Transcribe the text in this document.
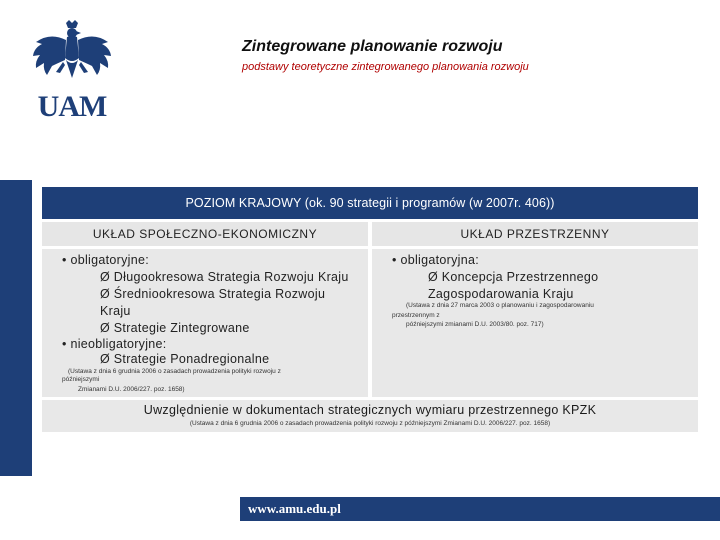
UAM
Zintegrowane planowanie rozwoju
podstawy teoretyczne zintegrowanego planowania rozwoju
POZIOM KRAJOWY (ok. 90 strategii i programów (w 2007r. 406))
UKŁAD SPOŁECZNO-EKONOMICZNY	UKŁAD PRZESTRZENNY
• obligatoryjne:
Ø Długookresowa Strategia Rozwoju Kraju
Ø Średniookresowa Strategia Rozwoju
Kraju
Ø Strategie Zintegrowane
• nieobligatoryjne:
Ø Strategie Ponadregionalne
(Ustawa z dnia 6 grudnia 2006 o zasadach prowadzenia polityki rozwoju z
późniejszymi
Zmianami D.U. 2006/227. poz. 1658)
• obligatoryjna:
Ø Koncepcja Przestrzennego
Zagospodarowania Kraju
(Ustawa z dnia 27 marca 2003 o planowaniu i zagospodarowaniu
przestrzennym z
późniejszymi zmianami D.U. 2003/80. poz. 717)
Uwzględnienie w dokumentach strategicznych wymiaru przestrzennego KPZK
(Ustawa z dnia 6 grudnia 2006 o zasadach prowadzenia polityki rozwoju z późniejszymi Zmianami D.U. 2006/227. poz. 1658)
www.amu.edu.pl
